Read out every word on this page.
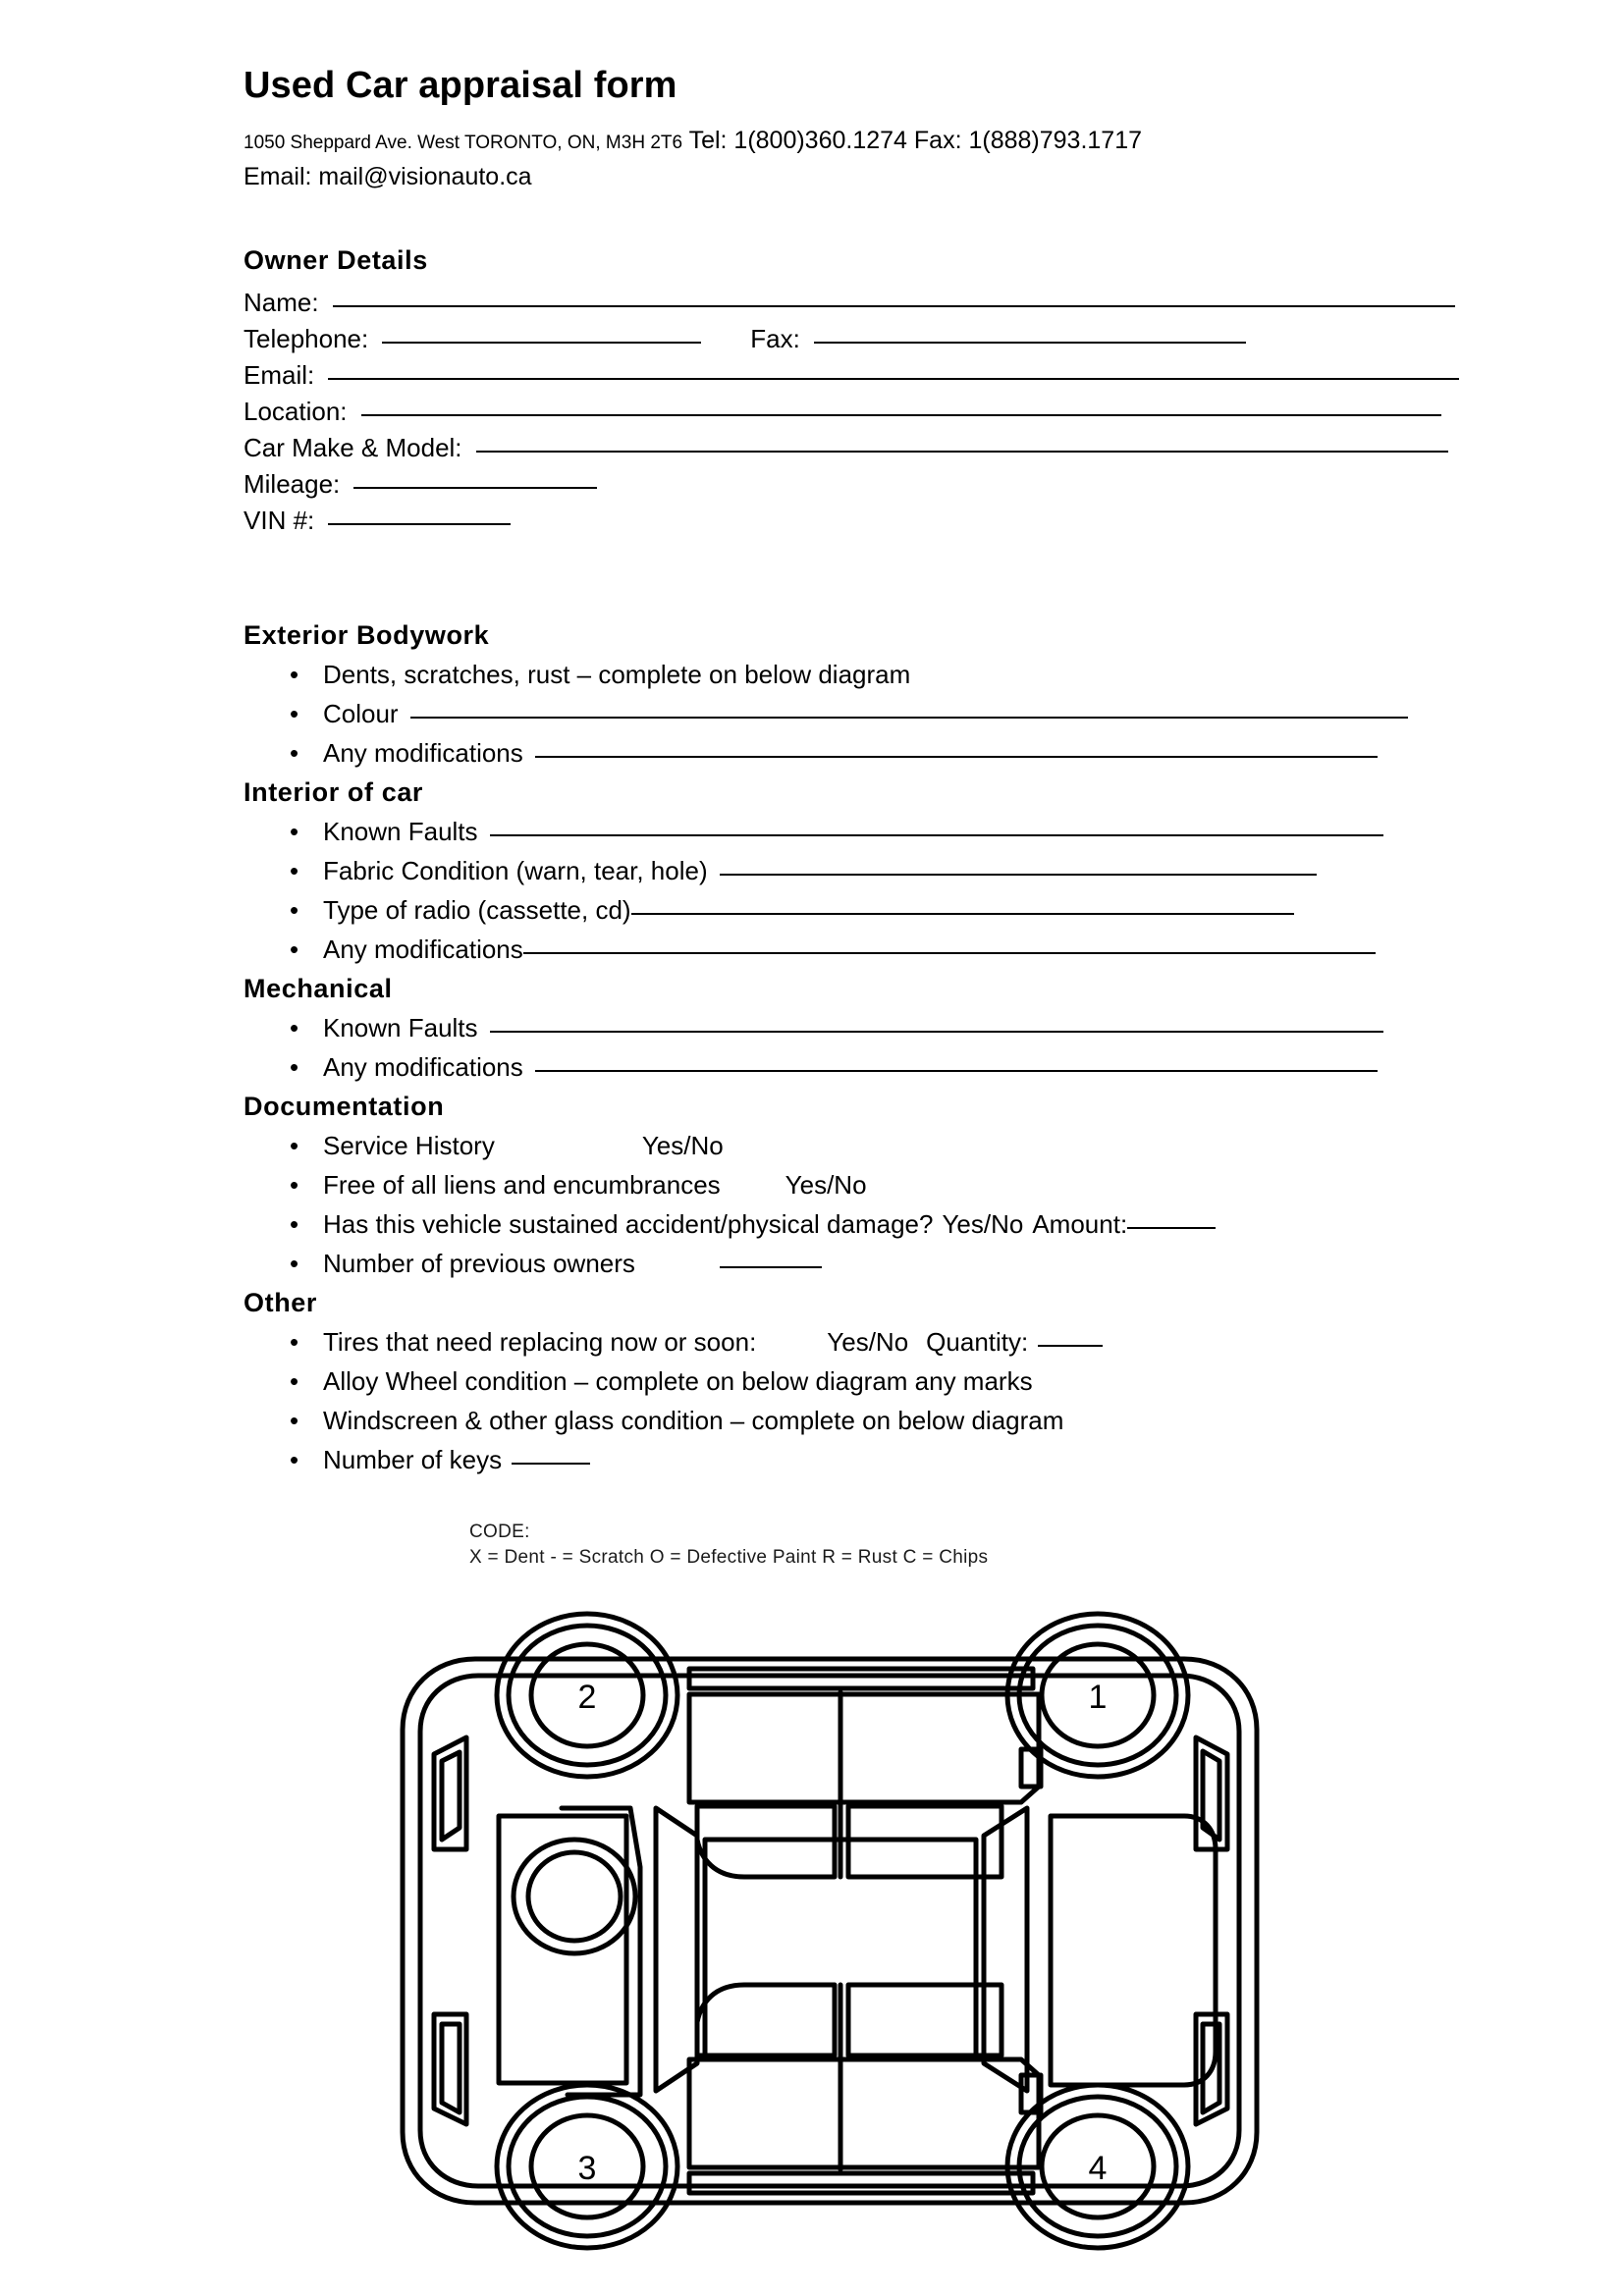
Used Car appraisal form
1050 Sheppard Ave. West TORONTO, ON, M3H 2T6 Tel: 1(800)360.1274 Fax: 1(888)793.1717
Email: mail@visionauto.ca
Owner Details
Name:
Telephone:	Fax:
Email:
Location:
Car Make & Model:
Mileage:
VIN #:
Exterior Bodywork
• Dents, scratches, rust – complete on below diagram
• Colour
• Any modifications
Interior of car
• Known Faults
• Fabric Condition (warn, tear, hole)
• Type of radio (cassette, cd)
• Any modifications
Mechanical
• Known Faults
• Any modifications
Documentation
• Service History	Yes/No
• Free of all liens and encumbrances	Yes/No
• Has this vehicle sustained accident/physical damage? Yes/No Amount:
• Number of previous owners
Other
• Tires that need replacing now or soon:	Yes/No Quantity:
• Alloy Wheel condition – complete on below diagram any marks
• Windscreen & other glass condition – complete on below diagram
• Number of keys
CODE:
X = Dent - = Scratch O = Defective Paint R = Rust C = Chips
2	1
3	4
